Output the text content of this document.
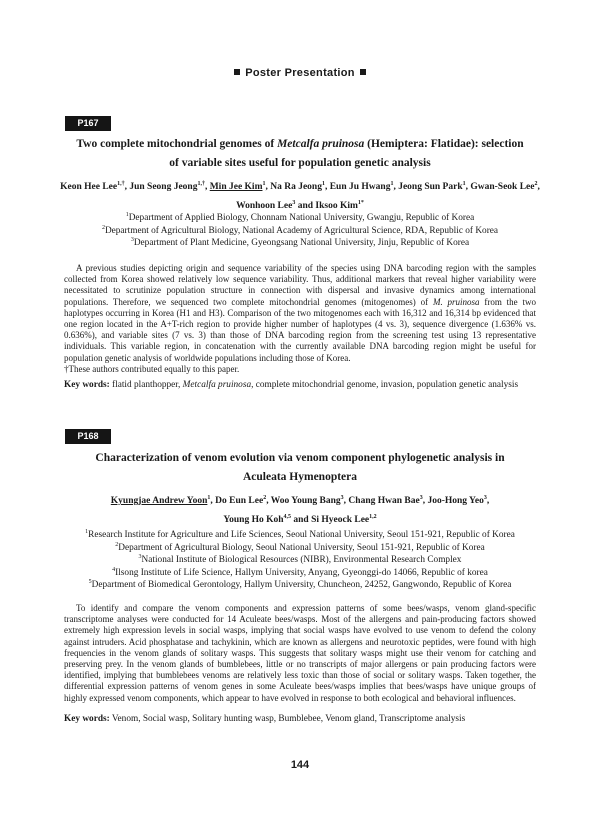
Poster Presentation
P167
Two complete mitochondrial genomes of Metcalfa pruinosa (Hemiptera: Flatidae): selection
of variable sites useful for population genetic analysis
Keon Hee Lee$^{1,\dagger}$, Jun Seong Jeong$^{1,\dagger}$, Min Jee Kim$^1$, Na Ra Jeong$^1$, Eun Ju Hwang$^1$, Jeong Sun Park$^1$, Gwan-Seok Lee$^2$,
Wonhoon Lee$^3$ and Iksoo Kim$^{1*}$
$^1$Department of Applied Biology, Chonnam National University, Gwangju, Republic of Korea
$^2$Department of Agricultural Biology, National Academy of Agricultural Science, RDA, Republic of Korea
$^3$Department of Plant Medicine, Gyeongsang National University, Jinju, Republic of Korea

A previous studies depicting origin and sequence variability of the species using DNA barcoding region with the samples collected from Korea showed relatively low sequence variability. Thus, additional markers that reveal higher variability were necessitated to scrutinize population structure in connection with dispersal and invasive dynamics among international populations. Therefore, we sequenced two complete mitochondrial genomes (mitogenomes) of M. pruinosa from the two haplotypes occurring in Korea (H1 and H3). Comparison of the two mitogenomes each with 16,312 and 16,314 bp evidenced that one region located in the A+T-rich region to provide higher number of haplotypes (4 vs. 3), sequence divergence (1.636% vs. 0.636%), and variable sites (7 vs. 3) than those of DNA barcoding region from the screening test using 13 representative individuals. This variable region, in concatenation with the currently available DNA barcoding region might be useful for population genetic analysis of worldwide populations including those of Korea.

†These authors contributed equally to this paper.

Key words: flatid planthopper, Metcalfa pruinosa, complete mitochondrial genome, invasion, population genetic analysis
P168
Characterization of venom evolution via venom component phylogenetic analysis in
Aculeata Hymenoptera
Kyungjae Andrew Yoon$^1$, Do Eun Lee$^2$, Woo Young Bang$^3$, Chang Hwan Bae$^3$, Joo-Hong Yeo$^3$,
Young Ho Koh$^{4,5}$ and Si Hyeock Lee$^{1,2}$
$^1$Research Institute for Agriculture and Life Sciences, Seoul National University, Seoul 151-921, Republic of Korea
$^2$Department of Agricultural Biology, Seoul National University, Seoul 151-921, Republic of Korea
$^3$National Institute of Biological Resources (NIBR), Environmental Research Complex
$^4$Ilsong Institute of Life Science, Hallym University, Anyang, Gyeonggi-do 14066, Republic of korea
$^5$Department of Biomedical Gerontology, Hallym University, Chuncheon, 24252, Gangwondo, Republic of Korea

To identify and compare the venom components and expression patterns of some bees/wasps, venom gland-specific transcriptome analyses were conducted for 14 Aculeate bees/wasps. Most of the allergens and pain-producing factors showed extremely high expression levels in social wasps, implying that social wasps have evolved to use venom to defend the colony against intruders. Acid phosphatase and tachykinin, which are known as allergens and neurotoxic peptides, were found with high frequencies in the venom glands of solitary wasps. This suggests that solitary wasps might use their venom for catching and preserving prey. In the venom glands of bumblebees, little or no transcripts of major allergens or pain producing factors were identified, implying that bumblebees venoms are relatively less toxic than those of social or solitary wasps. Taken together, the differential expression patterns of venom genes in some Aculeate bees/wasps implies that bees/wasps have unique groups of highly expressed venom components, which appear to have evolved in response to both ecological and behavioral influences.

Key words: Venom, Social wasp, Solitary hunting wasp, Bumblebee, Venom gland, Transcriptome analysis
144
